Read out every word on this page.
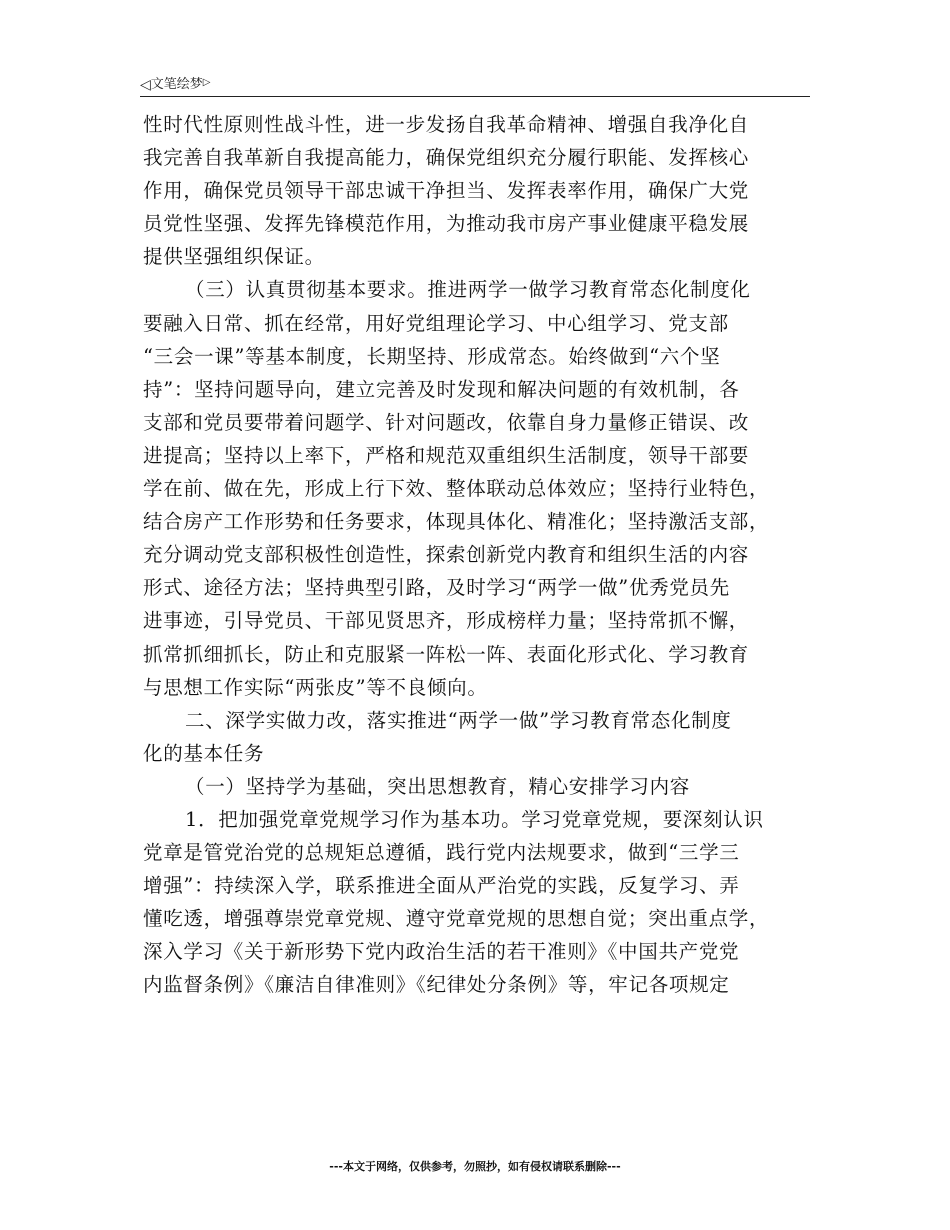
◁文笔绘梦▷
性时代性原则性战斗性，进一步发扬自我革命精神、增强自我净化自
我完善自我革新自我提高能力，确保党组织充分履行职能、发挥核心
作用，确保党员领导干部忠诚干净担当、发挥表率作用，确保广大党
员党性坚强、发挥先锋模范作用，为推动我市房产事业健康平稳发展
提供坚强组织保证。
（三）认真贯彻基本要求。推进两学一做学习教育常态化制度化
要融入日常、抓在经常，用好党组理论学习、中心组学习、党支部
“三会一课”等基本制度，长期坚持、形成常态。始终做到“六个坚
持”：坚持问题导向，建立完善及时发现和解决问题的有效机制，各
支部和党员要带着问题学、针对问题改，依靠自身力量修正错误、改
进提高；坚持以上率下，严格和规范双重组织生活制度，领导干部要
学在前、做在先，形成上行下效、整体联动总体效应；坚持行业特色，
结合房产工作形势和任务要求，体现具体化、精准化；坚持激活支部，
充分调动党支部积极性创造性，探索创新党内教育和组织生活的内容
形式、途径方法；坚持典型引路，及时学习“两学一做”优秀党员先
进事迹，引导党员、干部见贤思齐，形成榜样力量；坚持常抓不懈，
抓常抓细抓长，防止和克服紧一阵松一阵、表面化形式化、学习教育
与思想工作实际“两张皮”等不良倾向。
二、深学实做力改，落实推进“两学一做”学习教育常态化制度
化的基本任务
（一）坚持学为基础，突出思想教育，精心安排学习内容
1．把加强党章党规学习作为基本功。学习党章党规，要深刻认识
党章是管党治党的总规矩总遵循，践行党内法规要求，做到“三学三
增强”：持续深入学，联系推进全面从严治党的实践，反复学习、弄
懂吃透，增强尊崇党章党规、遵守党章党规的思想自觉；突出重点学，
深入学习《关于新形势下党内政治生活的若干准则》《中国共产党党
内监督条例》《廉洁自律准则》《纪律处分条例》等，牢记各项规定
---本文于网络，仅供参考，勿照抄，如有侵权请联系删除---
